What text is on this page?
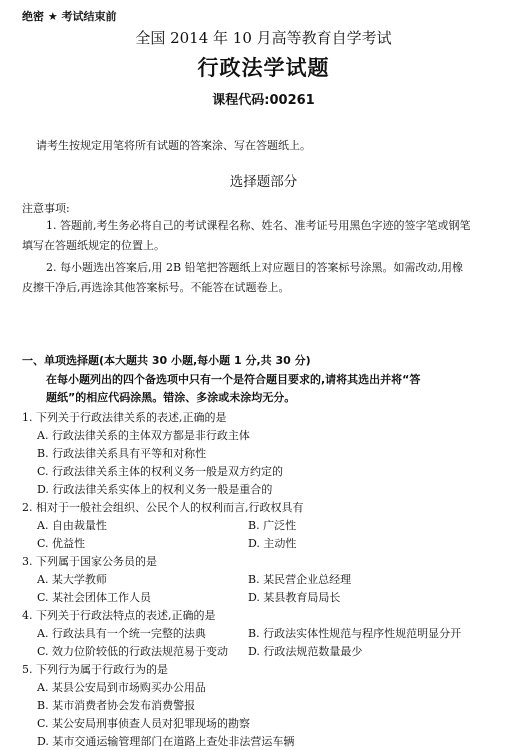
绝密 ★ 考试结束前
全国 2014 年 10 月高等教育自学考试
行政法学试题
课程代码:00261
请考生按规定用笔将所有试题的答案涂、写在答题纸上。
选择题部分
注意事项:
1. 答题前,考生务必将自己的考试课程名称、姓名、准考证号用黑色字迹的签字笔或钢笔
填写在答题纸规定的位置上。
2. 每小题选出答案后,用 2B 铅笔把答题纸上对应题目的答案标号涂黑。如需改动,用橡
皮擦干净后,再选涂其他答案标号。不能答在试题卷上。
一、单项选择题(本大题共 30 小题,每小题 1 分,共 30 分)
在每小题列出的四个备选项中只有一个是符合题目要求的,请将其选出并将“答
题纸”的相应代码涂黑。错涂、多涂或未涂均无分。
1. 下列关于行政法律关系的表述,正确的是
A. 行政法律关系的主体双方都是非行政主体
B. 行政法律关系具有平等和对称性
C. 行政法律关系主体的权利义务一般是双方约定的
D. 行政法律关系实体上的权利义务一般是重合的
2. 相对于一般社会组织、公民个人的权利而言,行政权具有
A. 自由裁量性	B. 广泛性
C. 优益性	D. 主动性
3. 下列属于国家公务员的是
A. 某大学教师	B. 某民营企业总经理
C. 某社会团体工作人员	D. 某县教育局局长
4. 下列关于行政法特点的表述,正确的是
A. 行政法具有一个统一完整的法典	B. 行政法实体性规范与程序性规范明显分开
C. 效力位阶较低的行政法规范易于变动 D. 行政法规范数量最少
5. 下列行为属于行政行为的是
A. 某县公安局到市场购买办公用品
B. 某市消费者协会发布消费警报
C. 某公安局刑事侦查人员对犯罪现场的勘察
D. 某市交通运输管理部门在道路上查处非法营运车辆
